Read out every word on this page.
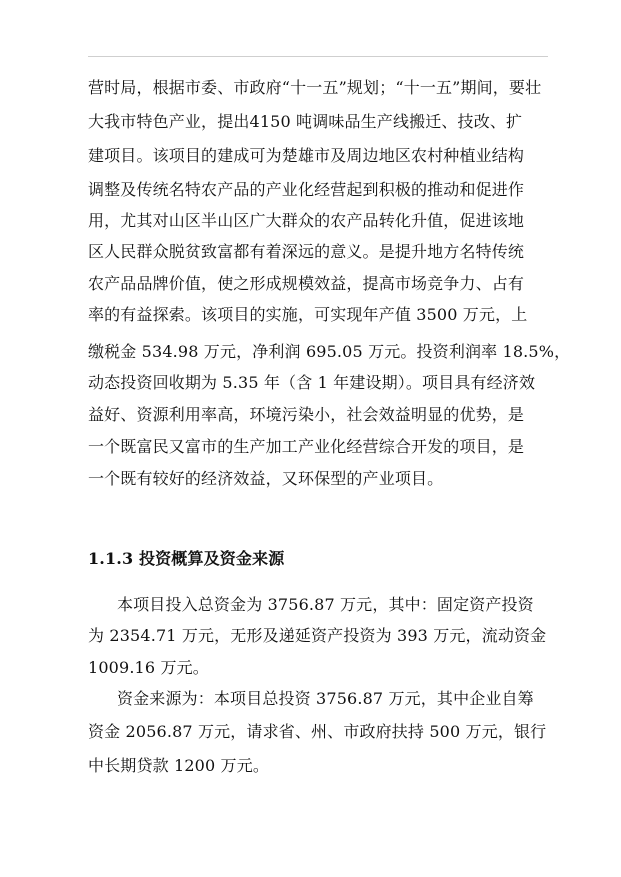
营时局，根据市委、市政府“十一五”规划；“十一五”期间，要壮
大我市特色产业，提出4150 吨调味品生产线搬迁、技改、扩
建项目。该项目的建成可为楚雄市及周边地区农村种植业结构
调整及传统名特农产品的产业化经营起到积极的推动和促进作
用，尤其对山区半山区广大群众的农产品转化升值，促进该地
区人民群众脱贫致富都有着深远的意义。是提升地方名特传统
农产品品牌价值，使之形成规模效益，提高市场竞争力、占有
率的有益探索。该项目的实施，可实现年产值 3500 万元，上
缴税金 534.98 万元，净利润 695.05 万元。投资利润率 18.5%，
动态投资回收期为 5.35 年（含 1 年建设期）。项目具有经济效
益好、资源利用率高，环境污染小，社会效益明显的优势，是
一个既富民又富市的生产加工产业化经营综合开发的项目，是
一个既有较好的经济效益，又环保型的产业项目。
1.1.3 投资概算及资金来源
本项目投入总资金为 3756.87 万元，其中：固定资产投资
为 2354.71 万元，无形及递延资产投资为 393 万元，流动资金
1009.16 万元。
资金来源为：本项目总投资 3756.87 万元，其中企业自筹
资金 2056.87 万元，请求省、州、市政府扶持 500 万元，银行
中长期贷款 1200 万元。
